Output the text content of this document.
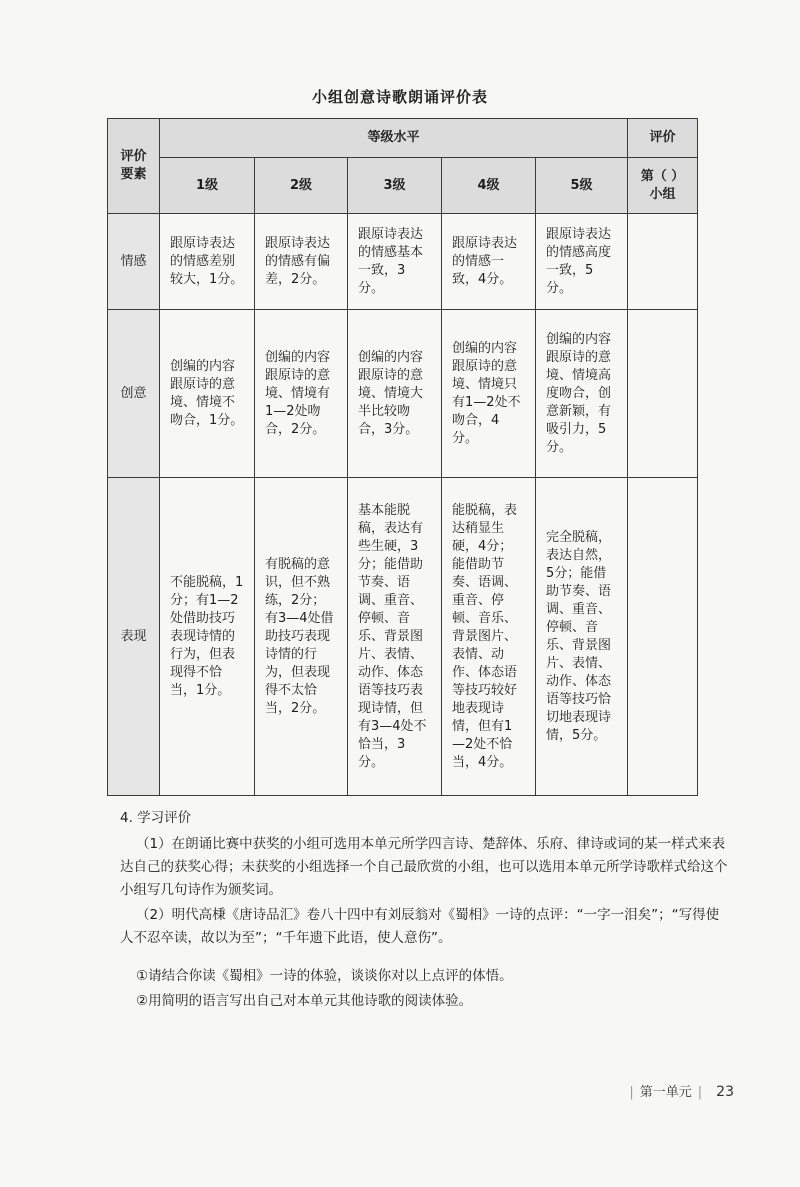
小组创意诗歌朗诵评价表
评价
要素	等级水平					评价
	1级	2级	3级	4级	5级	第（ ）
小组
情感	跟原诗表达的情感差别较大，1分。	跟原诗表达的情感有偏差，2分。	跟原诗表达的情感基本一致，3分。	跟原诗表达的情感一致，4分。	跟原诗表达的情感高度一致，5分。	

创意	创编的内容跟原诗的意境、情境不吻合，1分。	创编的内容跟原诗的意境、情境有1—2处吻合，2分。	创编的内容跟原诗的意境、情境大半比较吻合，3分。	创编的内容跟原诗的意境、情境只有1—2处不吻合，4分。	创编的内容跟原诗的意境、情境高度吻合，创意新颖，有吸引力，5分。	

表现	不能脱稿，1分；有1—2处借助技巧表现诗情的行为，但表现得不恰当，1分。	有脱稿的意识，但不熟练，2分；有3—4处借助技巧表现诗情的行为，但表现得不太恰当，2分。	基本能脱稿，表达有些生硬，3分；能借助节奏、语调、重音、停顿、音乐、背景图片、表情、动作、体态语等技巧表现诗情，但有3—4处不恰当，3分。	能脱稿，表达稍显生硬，4分；能借助节奏、语调、重音、停顿、音乐、背景图片、表情、动作、体态语等技巧较好地表现诗情，但有1—2处不恰当，4分。	完全脱稿，表达自然，5分；能借助节奏、语调、重音、停顿、音乐、背景图片、表情、动作、体态语等技巧恰切地表现诗情，5分。	

4. 学习评价
（1）在朗诵比赛中获奖的小组可选用本单元所学四言诗、楚辞体、乐府、律诗或词的某一样式来表达自己的获奖心得；未获奖的小组选择一个自己最欣赏的小组，也可以选用本单元所学诗歌样式给这个小组写几句诗作为颁奖词。
（2）明代高棅《唐诗品汇》卷八十四中有刘辰翁对《蜀相》一诗的点评：“一字一泪矣”；“写得使人不忍卒读，故以为至”；“千年遗下此语，使人意伤”。
①请结合你读《蜀相》一诗的体验，谈谈你对以上点评的体悟。
②用简明的语言写出自己对本单元其他诗歌的阅读体验。
| 第一单元 | 23
